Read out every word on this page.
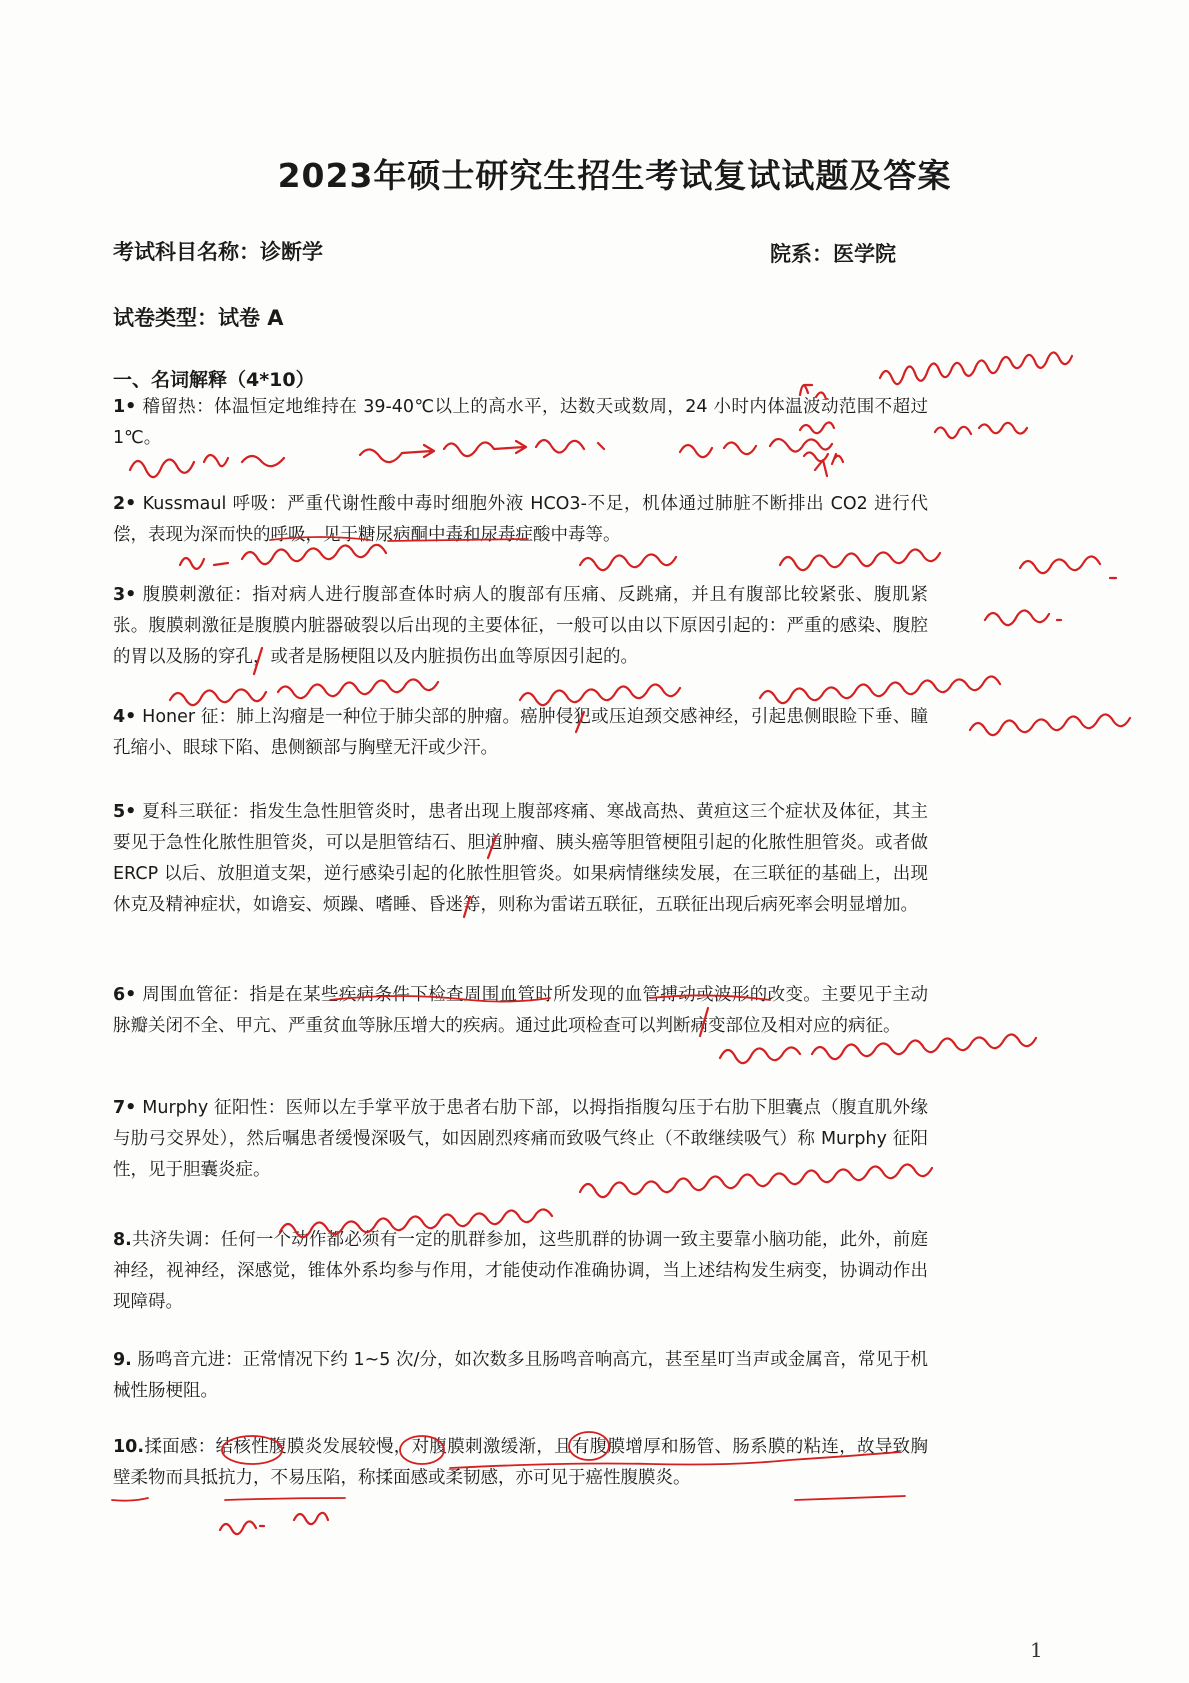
2023年硕士研究生招生考试复试试题及答案
考试科目名称：诊断学	院系：医学院
试卷类型：试卷 A
一、名词解释（4*10）
1• 稽留热：体温恒定地维持在 39-40℃以上的高水平，达数天或数周，24 小时内体温波动范围不超过 1℃。
2• Kussmaul 呼吸：严重代谢性酸中毒时细胞外液 HCO3-不足，机体通过肺脏不断排出 CO2 进行代偿，表现为深而快的呼吸，见于糖尿病酮中毒和尿毒症酸中毒等。
3• 腹膜刺激征：指对病人进行腹部查体时病人的腹部有压痛、反跳痛，并且有腹部比较紧张、腹肌紧张。腹膜刺激征是腹膜内脏器破裂以后出现的主要体征，一般可以由以下原因引起的：严重的感染、腹腔的胃以及肠的穿孔，或者是肠梗阻以及内脏损伤出血等原因引起的。
4• Honer 征：肺上沟瘤是一种位于肺尖部的肿瘤。癌肿侵犯或压迫颈交感神经，引起患侧眼睑下垂、瞳孔缩小、眼球下陷、患侧额部与胸壁无汗或少汗。
5• 夏科三联征：指发生急性胆管炎时，患者出现上腹部疼痛、寒战高热、黄疸这三个症状及体征，其主要见于急性化脓性胆管炎，可以是胆管结石、胆道肿瘤、胰头癌等胆管梗阻引起的化脓性胆管炎。或者做 ERCP 以后、放胆道支架，逆行感染引起的化脓性胆管炎。如果病情继续发展，在三联征的基础上，出现休克及精神症状，如谵妄、烦躁、嗜睡、昏迷等，则称为雷诺五联征，五联征出现后病死率会明显增加。
6• 周围血管征：指是在某些疾病条件下检查周围血管时所发现的血管搏动或波形的改变。主要见于主动脉瓣关闭不全、甲亢、严重贫血等脉压增大的疾病。通过此项检查可以判断病变部位及相对应的病征。
7• Murphy 征阳性：医师以左手掌平放于患者右肋下部，以拇指指腹勾压于右肋下胆囊点（腹直肌外缘与肋弓交界处），然后嘱患者缓慢深吸气，如因剧烈疼痛而致吸气终止（不敢继续吸气）称 Murphy 征阳性，见于胆囊炎症。
8.共济失调：任何一个动作都必须有一定的肌群参加，这些肌群的协调一致主要靠小脑功能，此外，前庭神经，视神经，深感觉，锥体外系均参与作用，才能使动作准确协调，当上述结构发生病变，协调动作出现障碍。
9. 肠鸣音亢进：正常情况下约 1~5 次/分，如次数多且肠鸣音响高亢，甚至星叮当声或金属音，常见于机械性肠梗阻。
10.揉面感：结核性腹膜炎发展较慢，对腹膜刺激缓渐，且有腹膜增厚和肠管、肠系膜的粘连，故导致胸壁柔物而具抵抗力，不易压陷，称揉面感或柔韧感，亦可见于癌性腹膜炎。
1
